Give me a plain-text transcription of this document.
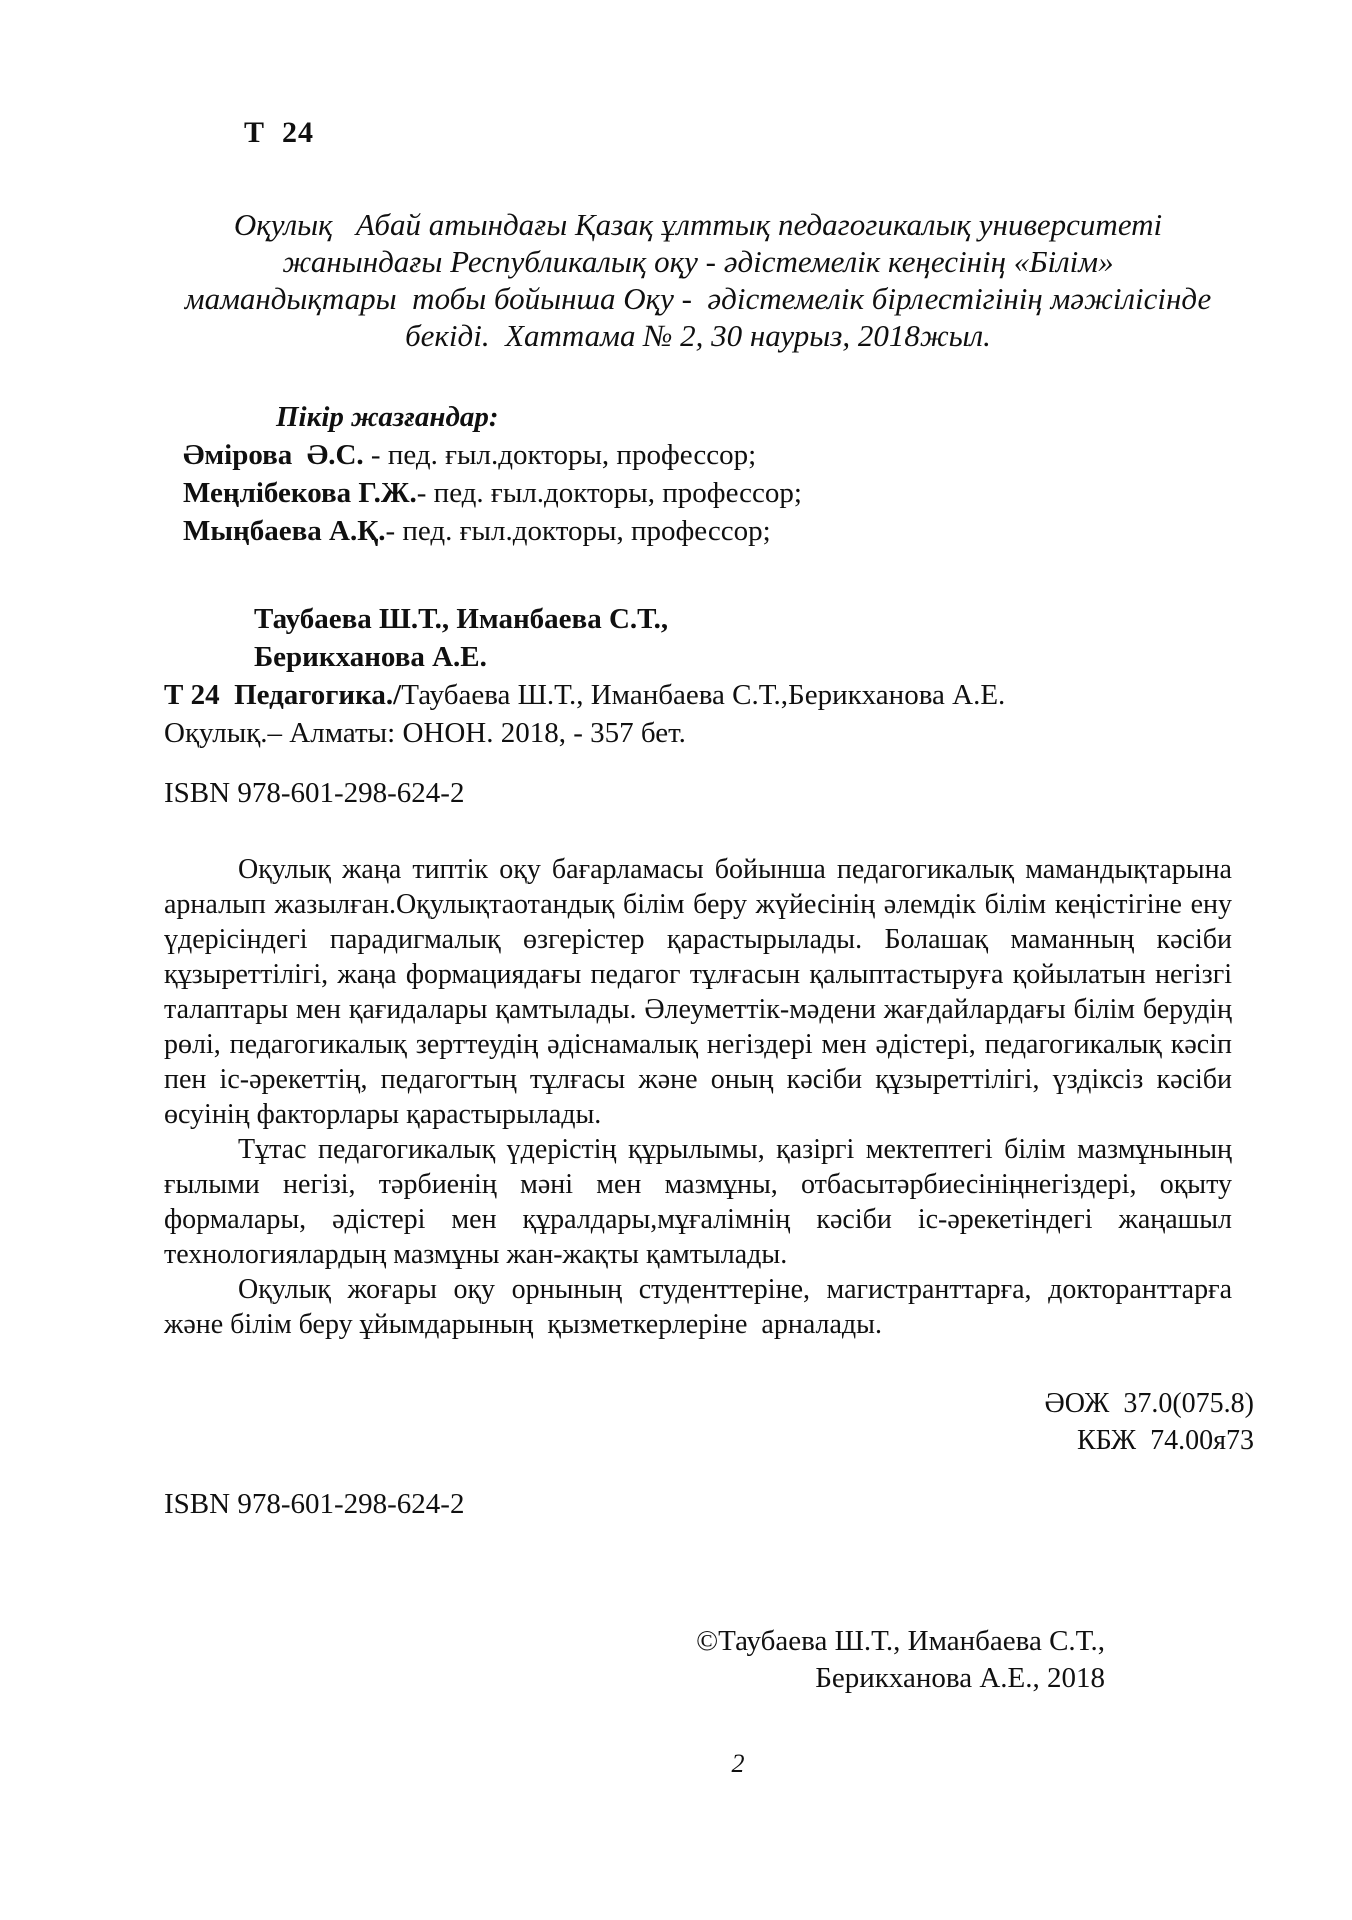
Т  24
Оқулық   Абай атындағы Қазақ ұлттық педагогикалық университеті
жанындағы Республикалық оқу - әдістемелік кеңесінің «Білім»
мамандықтары  тобы бойынша Оқу -  әдістемелік бірлестігінің мәжілісінде
бекіді.  Хаттама № 2, 30 наурыз, 2018жыл.
Пікір жазғандар:
Әмірова  Ә.С. - пед. ғыл.докторы, профессор;
Меңлібекова Г.Ж.- пед. ғыл.докторы, профессор;
Мыңбаева А.Қ.- пед. ғыл.докторы, профессор;
Таубаева Ш.Т., Иманбаева С.Т.,
Берикханова А.Е.
Т 24  Педагогика./Таубаева Ш.Т., Иманбаева С.Т.,Берикханова А.Е.
Оқулық.– Алматы: ОНОН. 2018, - 357 бет.
ISBN 978-601-298-624-2

Оқулық жаңа типтік оқу бағарламасы бойынша педагогикалық мамандықтарына арналып жазылған.Оқулықтаотандық білім беру жүйесінің әлемдік білім кеңістігіне ену үдерісіндегі парадигмалық өзгерістер қарастырылады. Болашақ маманның кәсіби құзыреттілігі, жаңа формациядағы педагог тұлғасын қалыптастыруға қойылатын негізгі талаптары мен қағидалары қамтылады. Әлеуметтік-мәдени жағдайлардағы білім берудің рөлі, педагогикалық зерттеудің әдіснамалық негіздері мен әдістері, педагогикалық кәсіп пен іс-әрекеттің, педагогтың тұлғасы және оның кәсіби құзыреттілігі, үздіксіз кәсіби өсуінің факторлары қарастырылады.

Тұтас педагогикалық үдерістің құрылымы, қазіргі мектептегі білім мазмұнының ғылыми негізі, тәрбиенің мәні мен мазмұны, отбасытәрбиесініңнегіздері, оқыту формалары, әдістері мен құралдары,мұғалімнің кәсіби іс-әрекетіндегі жаңашыл технологиялардың мазмұны жан-жақты қамтылады.

Оқулық жоғары оқу орнының студенттеріне, магистранттарға, докторанттарға және білім беру ұйымдарының  қызметкерлеріне  арналады.

ӘОЖ  37.0(075.8)
КБЖ  74.00я73
ISBN 978-601-298-624-2
©Таубаева Ш.Т., Иманбаева С.Т.,
Берикханова А.Е., 2018
2
